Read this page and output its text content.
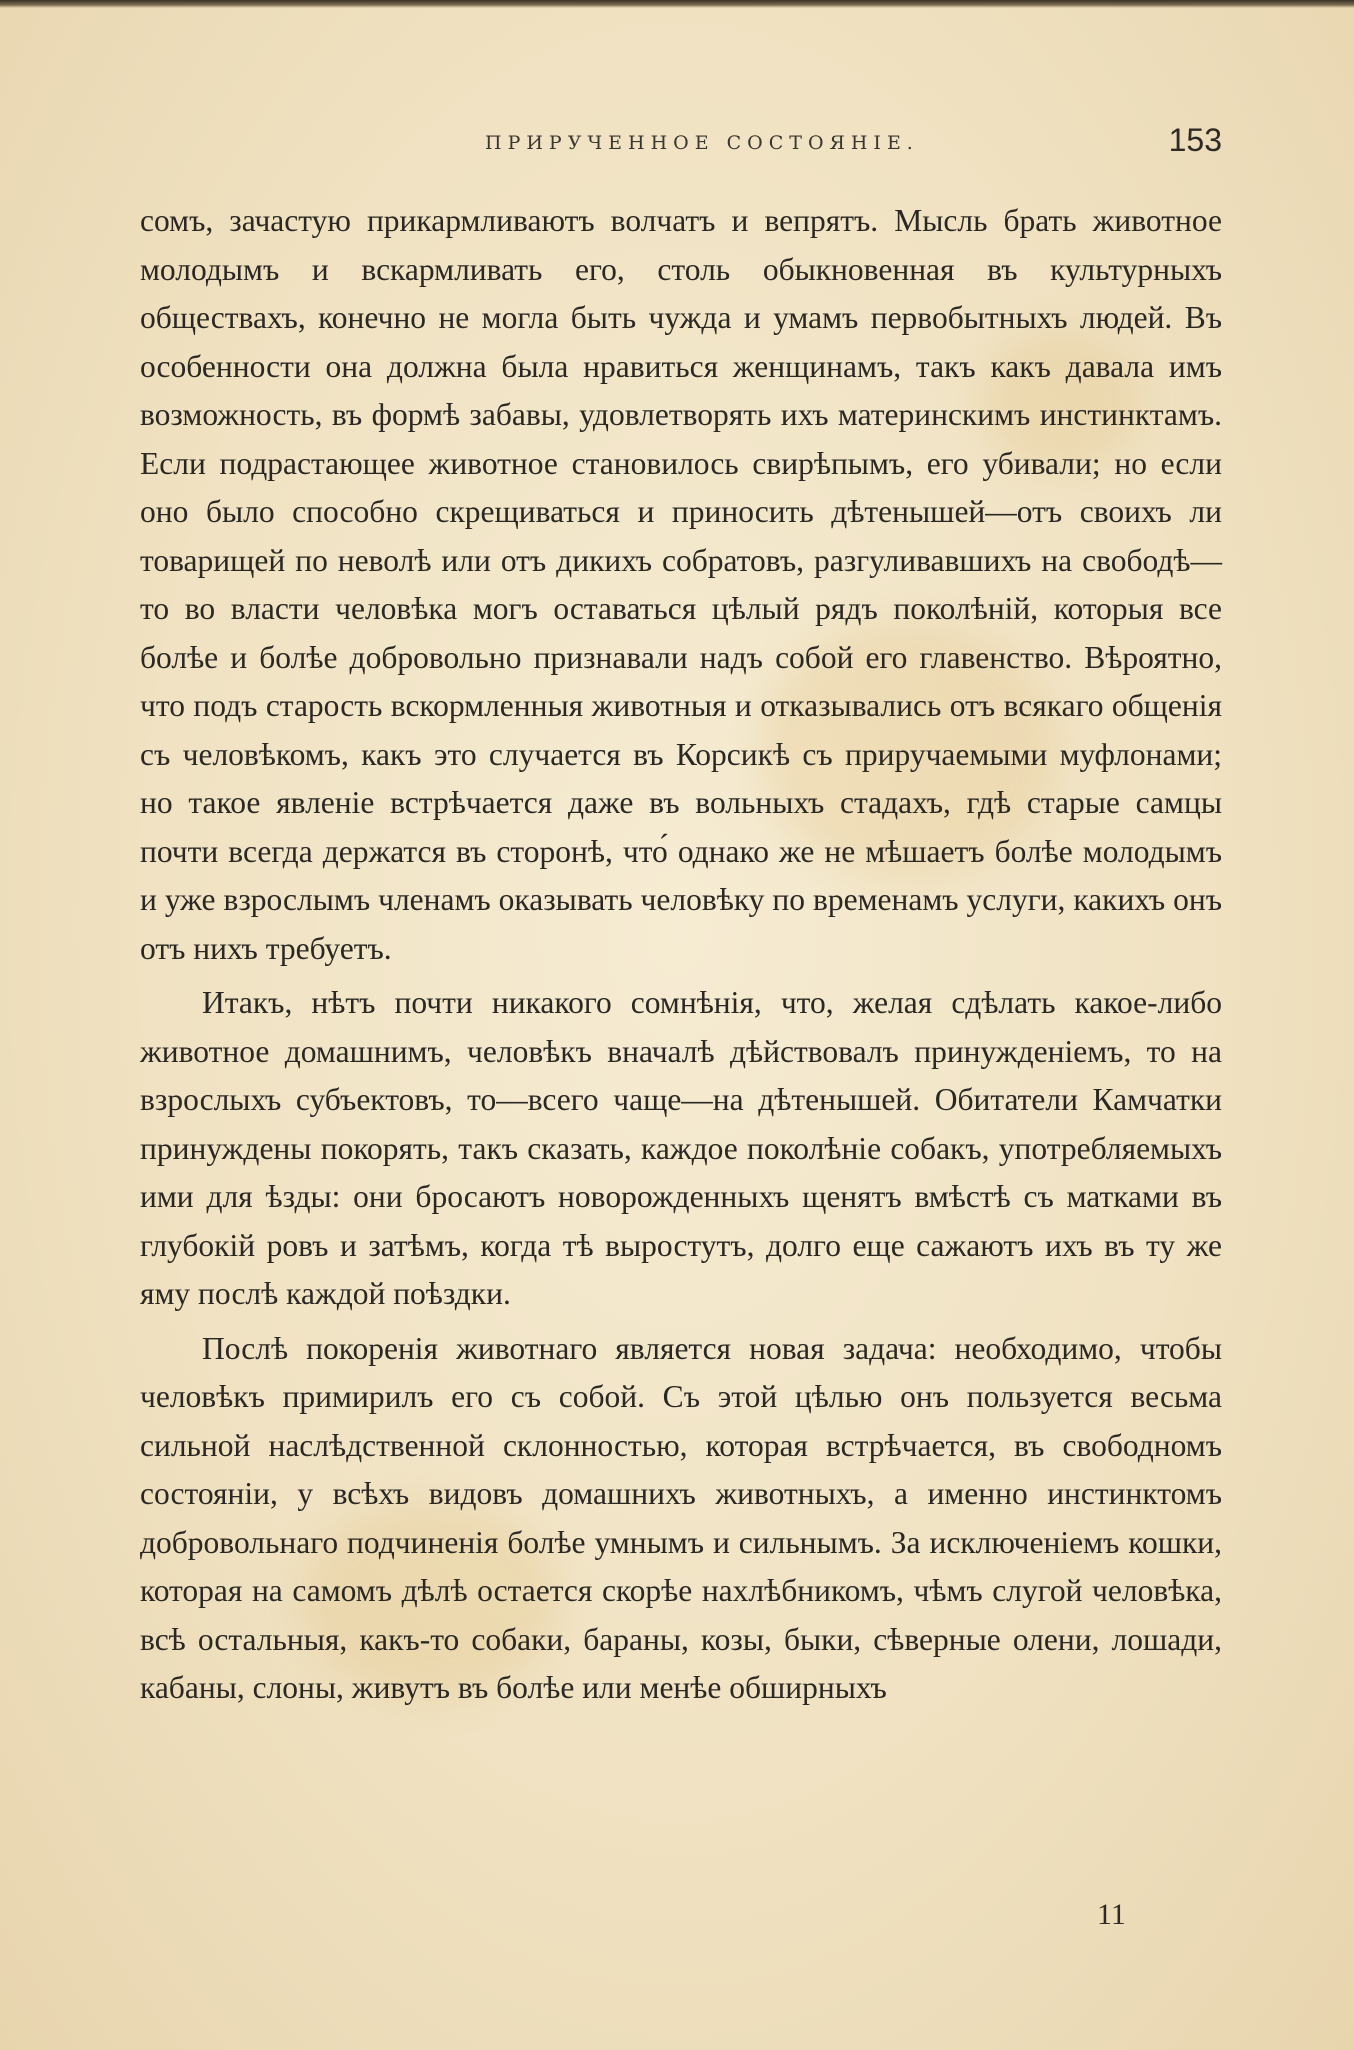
ПРИРУЧЕННОЕ СОСТОЯНІЕ.	153

сомъ, зачастую прикармливаютъ волчатъ и вепрятъ. Мысль брать животное молодымъ и вскармливать его, столь обыкновенная въ культурныхъ обществахъ, конечно не могла быть чужда и умамъ первобытныхъ людей. Въ особенности она должна была нравиться женщинамъ, такъ какъ давала имъ возможность, въ формѣ забавы, удовлетворять ихъ материнскимъ инстинктамъ. Если подрастающее животное становилось свирѣпымъ, его убивали; но если оно было способно скрещиваться и приносить дѣтенышей—отъ своихъ ли товарищей по неволѣ или отъ дикихъ собратовъ, разгуливавшихъ на свободѣ—то во власти человѣка могъ оставаться цѣлый рядъ поколѣній, которыя все болѣе и болѣе добровольно признавали надъ собой его главенство. Вѣроятно, что подъ старость вскормленныя животныя и отказывались отъ всякаго общенія съ человѣкомъ, какъ это случается въ Корсикѣ съ приручаемыми муфлонами; но такое явленіе встрѣчается даже въ вольныхъ стадахъ, гдѣ старые самцы почти всегда держатся въ сторонѣ, что́ однако же не мѣшаетъ болѣе молодымъ и уже взрослымъ членамъ оказывать человѣку по временамъ услуги, какихъ онъ отъ нихъ требуетъ.

Итакъ, нѣтъ почти никакого сомнѣнія, что, желая сдѣлать какое-либо животное домашнимъ, человѣкъ вначалѣ дѣйствовалъ принужденіемъ, то на взрослыхъ субъектовъ, то—всего чаще—на дѣтенышей. Обитатели Камчатки принуждены покорять, такъ сказать, каждое поколѣніе собакъ, употребляемыхъ ими для ѣзды: они бросаютъ новорожденныхъ щенятъ вмѣстѣ съ матками въ глубокій ровъ и затѣмъ, когда тѣ выростутъ, долго еще сажаютъ ихъ въ ту же яму послѣ каждой поѣздки.

Послѣ покоренія животнаго является новая задача: необходимо, чтобы человѣкъ примирилъ его съ собой. Съ этой цѣлью онъ пользуется весьма сильной наслѣдственной склонностью, которая встрѣчается, въ свободномъ состояніи, у всѣхъ видовъ домашнихъ животныхъ, а именно инстинктомъ добровольнаго подчиненія болѣе умнымъ и сильнымъ. За исключеніемъ кошки, которая на самомъ дѣлѣ остается скорѣе нахлѣбникомъ, чѣмъ слугой человѣка, всѣ остальныя, какъ-то собаки, бараны, козы, быки, сѣверные олени, лошади, кабаны, слоны, живутъ въ болѣе или менѣе обширныхъ

11
